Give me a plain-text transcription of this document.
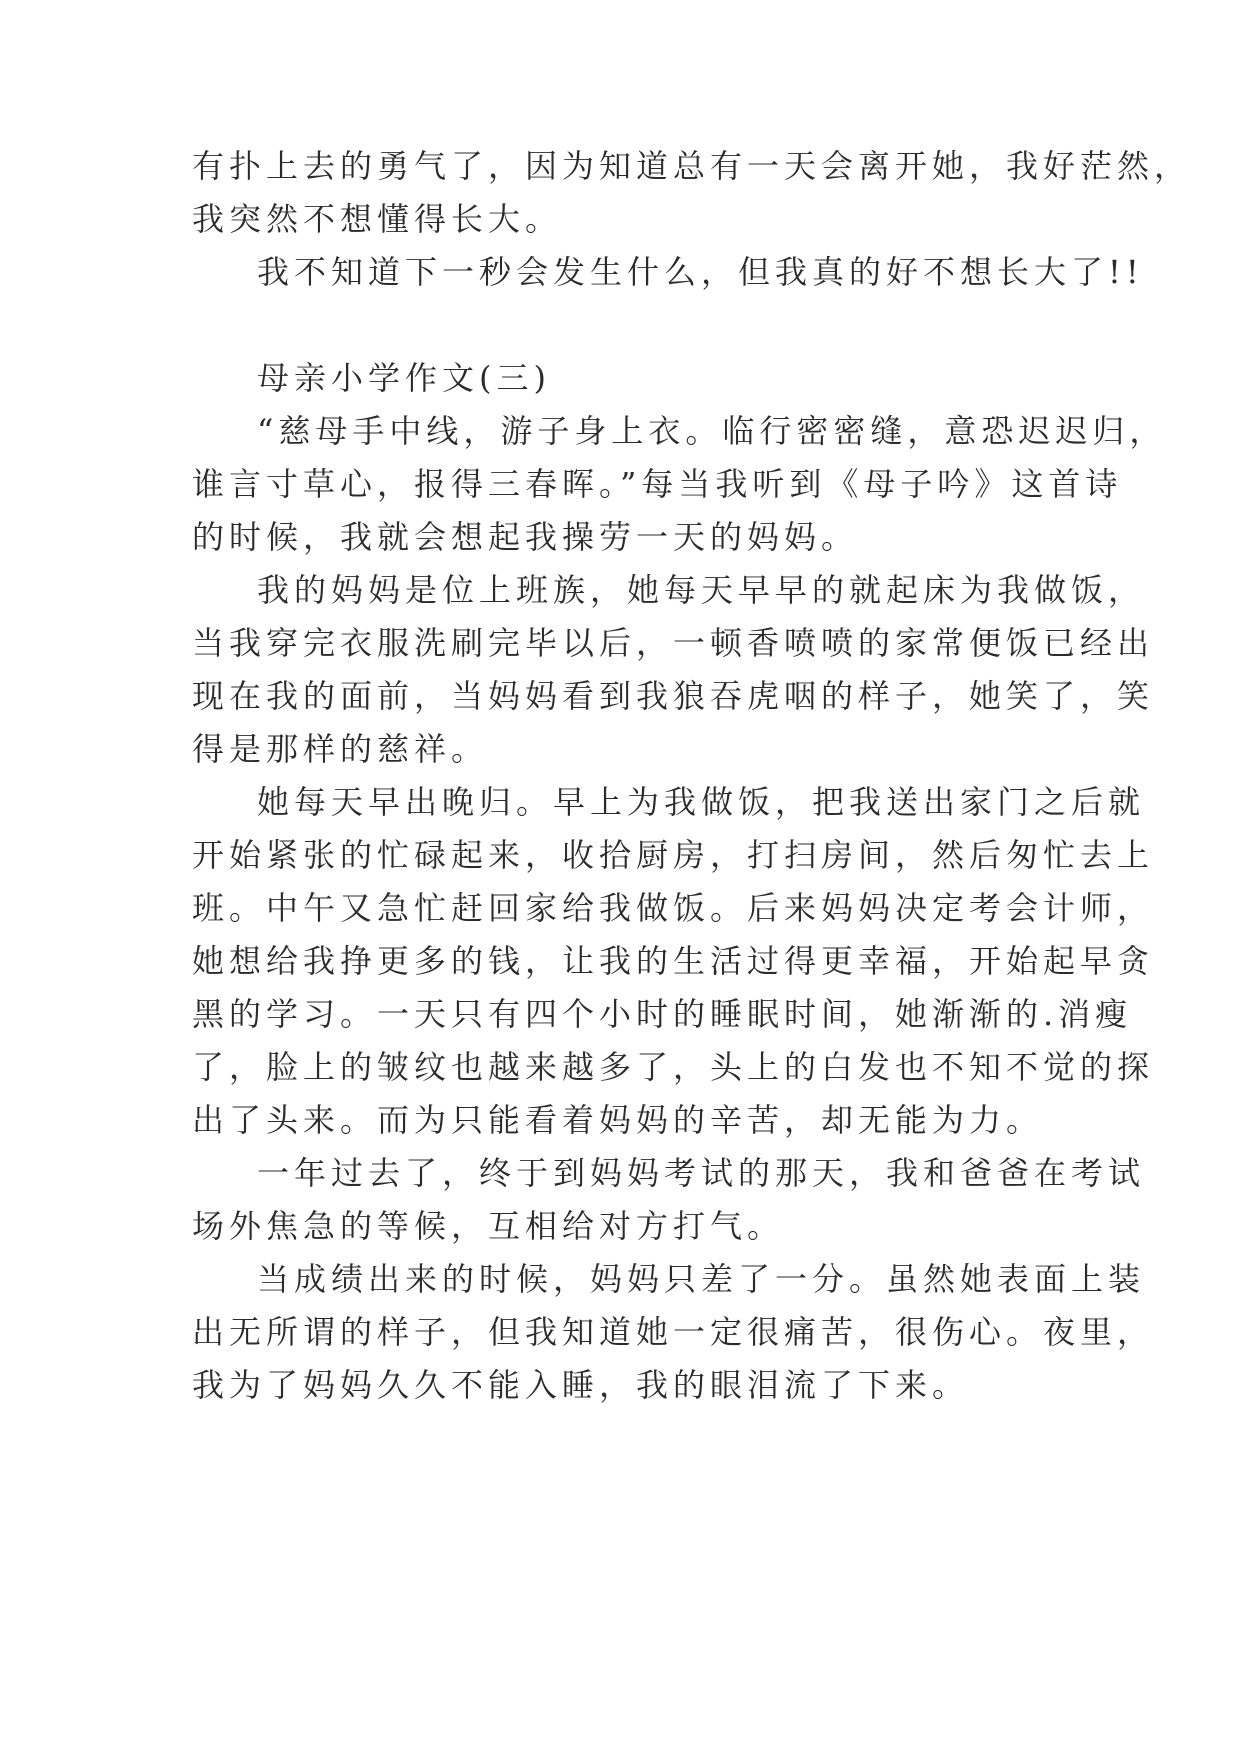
有扑上去的勇气了，因为知道总有一天会离开她，我好茫然，
我突然不想懂得长大。
我不知道下一秒会发生什么，但我真的好不想长大了!!
母亲小学作文(三)
“慈母手中线，游子身上衣。临行密密缝，意恐迟迟归，
谁言寸草心，报得三春晖。”每当我听到《母子吟》这首诗
的时候，我就会想起我操劳一天的妈妈。
我的妈妈是位上班族，她每天早早的就起床为我做饭，
当我穿完衣服洗刷完毕以后，一顿香喷喷的家常便饭已经出
现在我的面前，当妈妈看到我狼吞虎咽的样子，她笑了，笑
得是那样的慈祥。
她每天早出晚归。早上为我做饭，把我送出家门之后就
开始紧张的忙碌起来，收拾厨房，打扫房间，然后匆忙去上
班。中午又急忙赶回家给我做饭。后来妈妈决定考会计师，
她想给我挣更多的钱，让我的生活过得更幸福，开始起早贪
黑的学习。一天只有四个小时的睡眠时间，她渐渐的.消瘦
了，脸上的皱纹也越来越多了，头上的白发也不知不觉的探
出了头来。而为只能看着妈妈的辛苦，却无能为力。
一年过去了，终于到妈妈考试的那天，我和爸爸在考试
场外焦急的等候，互相给对方打气。
当成绩出来的时候，妈妈只差了一分。虽然她表面上装
出无所谓的样子，但我知道她一定很痛苦，很伤心。夜里，
我为了妈妈久久不能入睡，我的眼泪流了下来。
